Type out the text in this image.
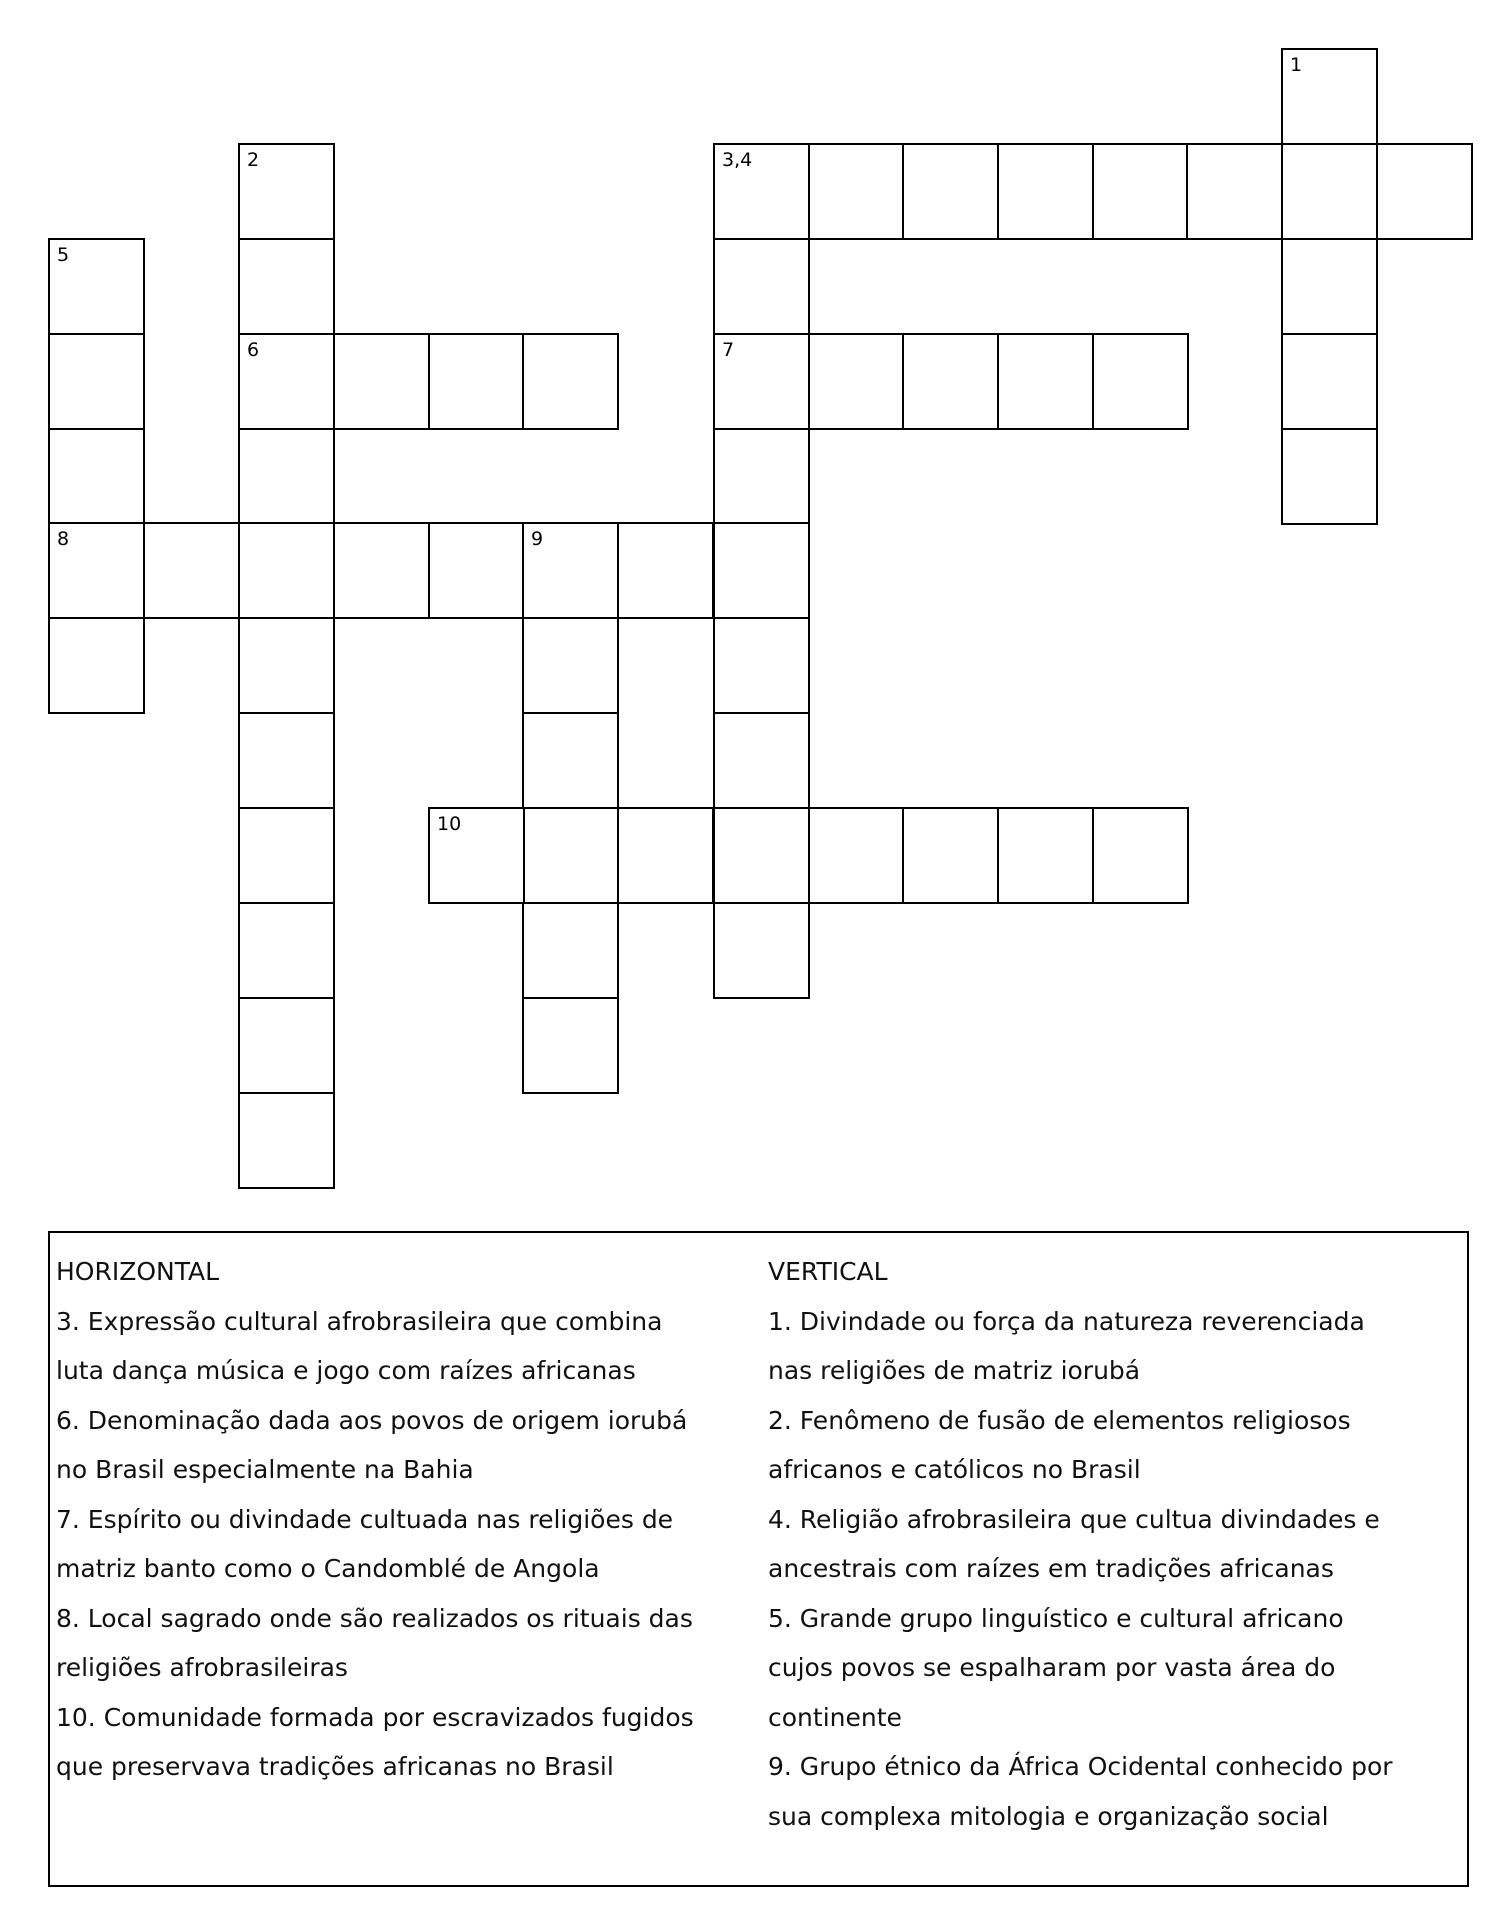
1
3,4
2
6
5
8
7
9
10
HORIZONTAL
3. Expressão cultural afrobrasileira que combina
luta dança música e jogo com raízes africanas
6. Denominação dada aos povos de origem iorubá
no Brasil especialmente na Bahia
7. Espírito ou divindade cultuada nas religiões de
matriz banto como o Candomblé de Angola
8. Local sagrado onde são realizados os rituais das
religiões afrobrasileiras
10. Comunidade formada por escravizados fugidos
que preservava tradições africanas no Brasil
VERTICAL
1. Divindade ou força da natureza reverenciada
nas religiões de matriz iorubá
2. Fenômeno de fusão de elementos religiosos
africanos e católicos no Brasil
4. Religião afrobrasileira que cultua divindades e
ancestrais com raízes em tradições africanas
5. Grande grupo linguístico e cultural africano
cujos povos se espalharam por vasta área do
continente
9. Grupo étnico da África Ocidental conhecido por
sua complexa mitologia e organização social
